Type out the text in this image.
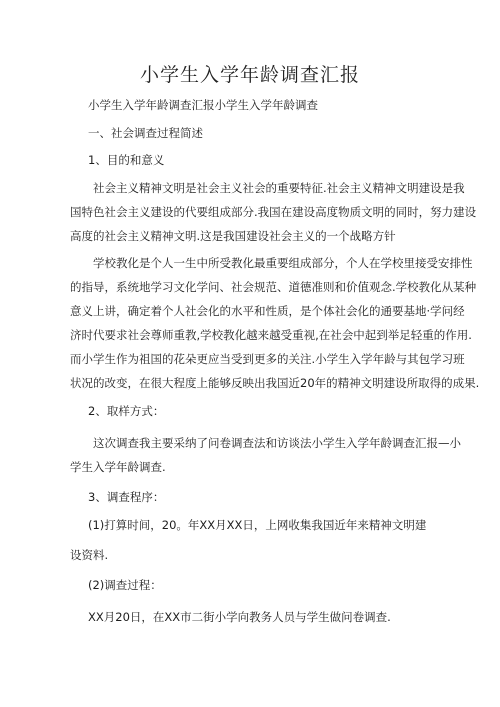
小学生入学年龄调查汇报
小学生入学年龄调查汇报小学生入学年龄调查
一、社会调查过程简述
1、目的和意义
社会主义精神文明是社会主义社会的重要特征.社会主义精神文明建设是我
国特色社会主义建设的代要组成部分.我国在建设高度物质文明的同时，努力建设
高度的社会主义精神文明.这是我国建设社会主义的一个战略方针
学校教化是个人一生中所受教化最重要组成部分，个人在学校里接受安排性
的指导，系统地学习文化学问、社会规范、道德准则和价值观念.学校教化从某种
意义上讲，确定着个人社会化的水平和性质，是个体社会化的通要基地·学问经
济时代要求社会尊师重教,学校教化越来越受重视,在社会中起到举足轻重的作用.
而小学生作为祖国的花朵更应当受到更多的关注.小学生入学年龄与其包学习班
状况的改变，在很大程度上能够反映出我国近20年的精神文明建设所取得的成果.
2、取样方式：
这次调查我主要采纳了问卷调查法和访谈法小学生入学年龄调查汇报—小
学生入学年龄调查.
3、调查程序：
(1)打算时间，20。年XX月XX日，上网收集我国近年来精神文明建
设资料.
(2)调查过程：
XX月20日，在XX市二街小学向教务人员与学生做问卷调查.
